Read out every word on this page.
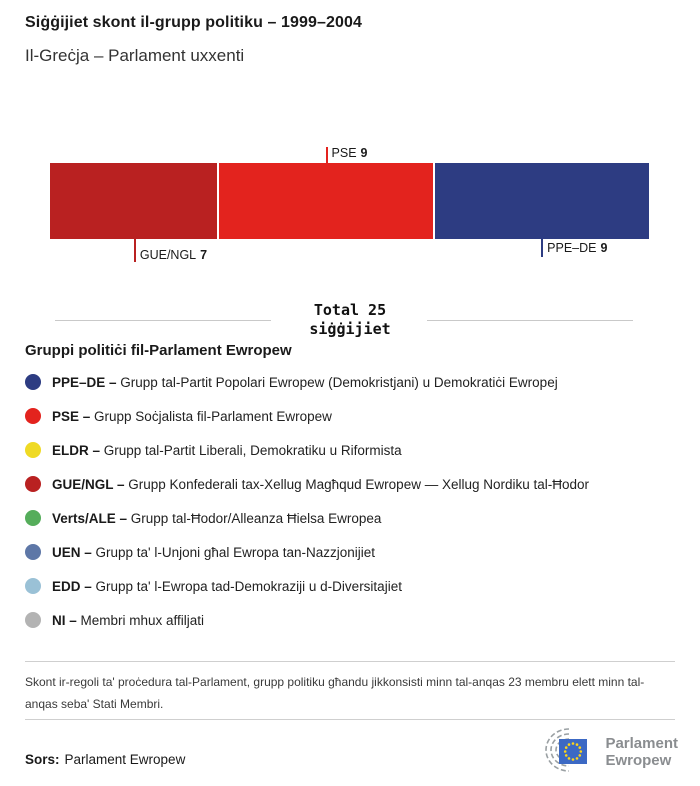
Siġġijiet skont il-grupp politiku – 1999–2004
Il-Greċja – Parlament uxxenti
PSE 9
GUE/NGL 7	PPE–DE 9
Total 25
siġġijiet
Gruppi politiċi fil-Parlament Ewropew
PPE–DE – Grupp tal-Partit Popolari Ewropew (Demokristjani) u Demokratiċi Ewropej
PSE – Grupp Soċjalista fil-Parlament Ewropew
ELDR – Grupp tal-Partit Liberali, Demokratiku u Riformista
GUE/NGL – Grupp Konfederali tax-Xellug Magħqud Ewropew — Xellug Nordiku tal-Ħodor
Verts/ALE – Grupp tal-Ħodor/Alleanza Ħielsa Ewropea
UEN – Grupp ta' l-Unjoni għal Ewropa tan-Nazzjonijiet
EDD – Grupp ta' l-Ewropa tad-Demokraziji u d-Diversitajiet
NI – Membri mhux affiljati
Skont ir-regoli ta' proċedura tal-Parlament, grupp politiku għandu jikkonsisti minn tal-anqas 23 membru elett minn tal-anqas seba' Stati Membri.
Sors: Parlament Ewropew
Parlament
Ewropew
